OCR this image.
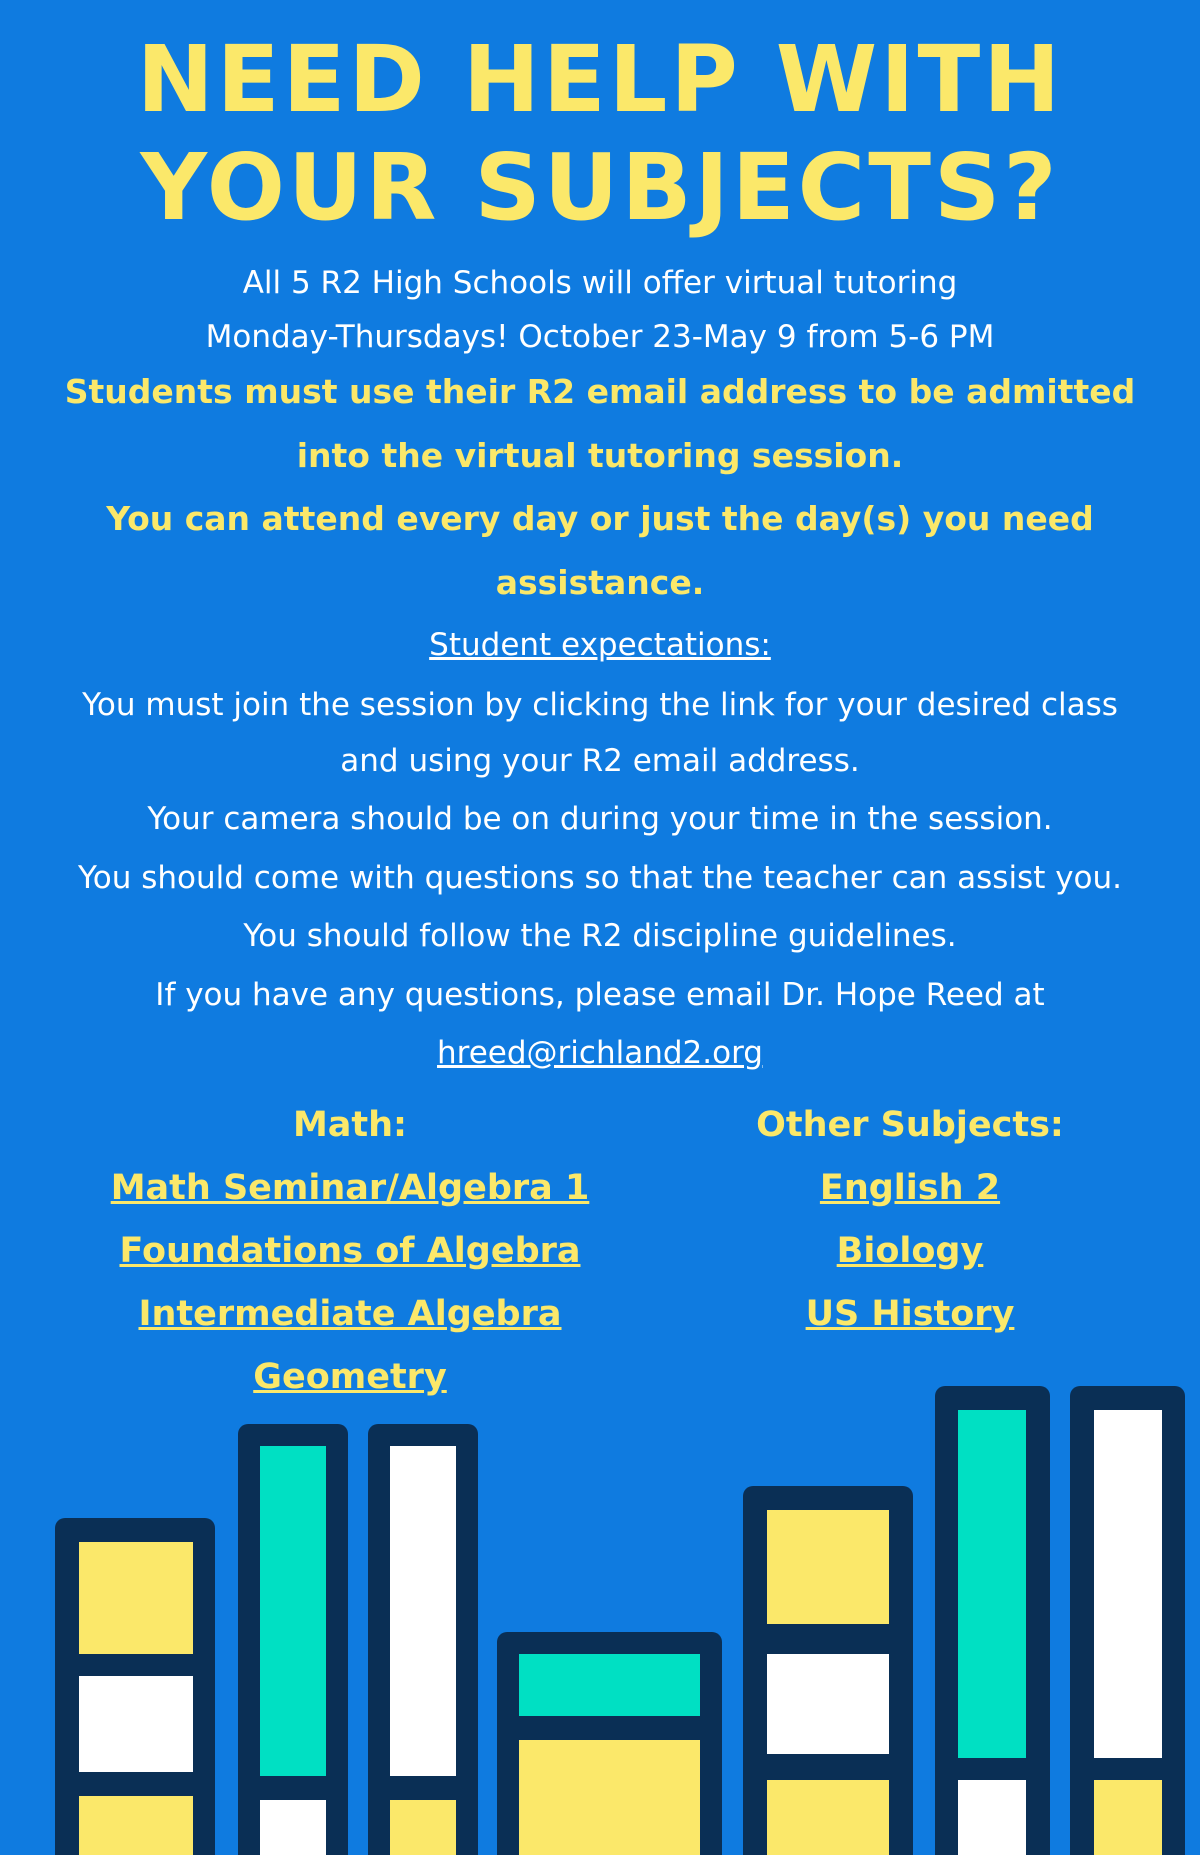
NEED HELP WITH
YOUR SUBJECTS?
All 5 R2 High Schools will offer virtual tutoring
Monday-Thursdays! October 23-May 9 from 5-6 PM
Students must use their R2 email address to be admitted
into the virtual tutoring session.
You can attend every day or just the day(s) you need
assistance.
Student expectations:
You must join the session by clicking the link for your desired class
and using your R2 email address.
Your camera should be on during your time in the session.
You should come with questions so that the teacher can assist you.
You should follow the R2 discipline guidelines.
If you have any questions, please email Dr. Hope Reed at
hreed@richland2.org
Math:
Math Seminar/Algebra 1
Foundations of Algebra
Intermediate Algebra
Geometry
Other Subjects:
English 2
Biology
US History
